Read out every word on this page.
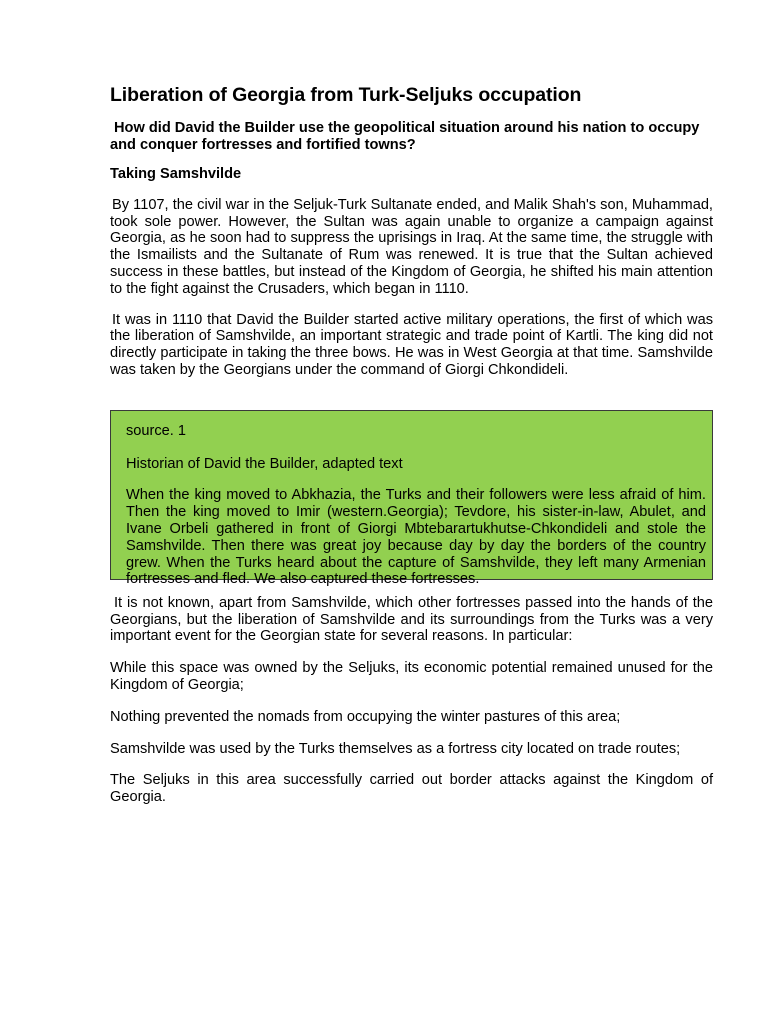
Liberation of Georgia from Turk-Seljuks occupation

How did David the Builder use the geopolitical situation around his nation to occupy and conquer fortresses and fortified towns?

Taking Samshvilde

By 1107, the civil war in the Seljuk-Turk Sultanate ended, and Malik Shah's son, Muhammad, took sole power. However, the Sultan was again unable to organize a campaign against Georgia, as he soon had to suppress the uprisings in Iraq. At the same time, the struggle with the Ismailists and the Sultanate of Rum was renewed. It is true that the Sultan achieved success in these battles, but instead of the Kingdom of Georgia, he shifted his main attention to the fight against the Crusaders, which began in 1110.

It was in 1110 that David the Builder started active military operations, the first of which was the liberation of Samshvilde, an important strategic and trade point of Kartli. The king did not directly participate in taking the three bows. He was in West Georgia at that time. Samshvilde was taken by the Georgians under the command of Giorgi Chkondideli.

source. 1

Historian of David the Builder, adapted text

When the king moved to Abkhazia, the Turks and their followers were less afraid of him. Then the king moved to Imir (western.Georgia); Tevdore, his sister-in-law, Abulet, and Ivane Orbeli gathered in front of Giorgi Mbtebarartukhutse-Chkondideli and stole the Samshvilde. Then there was great joy because day by day the borders of the country grew. When the Turks heard about the capture of Samshvilde, they left many Armenian fortresses and fled. We also captured these fortresses.

It is not known, apart from Samshvilde, which other fortresses passed into the hands of the Georgians, but the liberation of Samshvilde and its surroundings from the Turks was a very important event for the Georgian state for several reasons. In particular:

While this space was owned by the Seljuks, its economic potential remained unused for the Kingdom of Georgia;

Nothing prevented the nomads from occupying the winter pastures of this area;

Samshvilde was used by the Turks themselves as a fortress city located on trade routes;

The Seljuks in this area successfully carried out border attacks against the Kingdom of Georgia.
